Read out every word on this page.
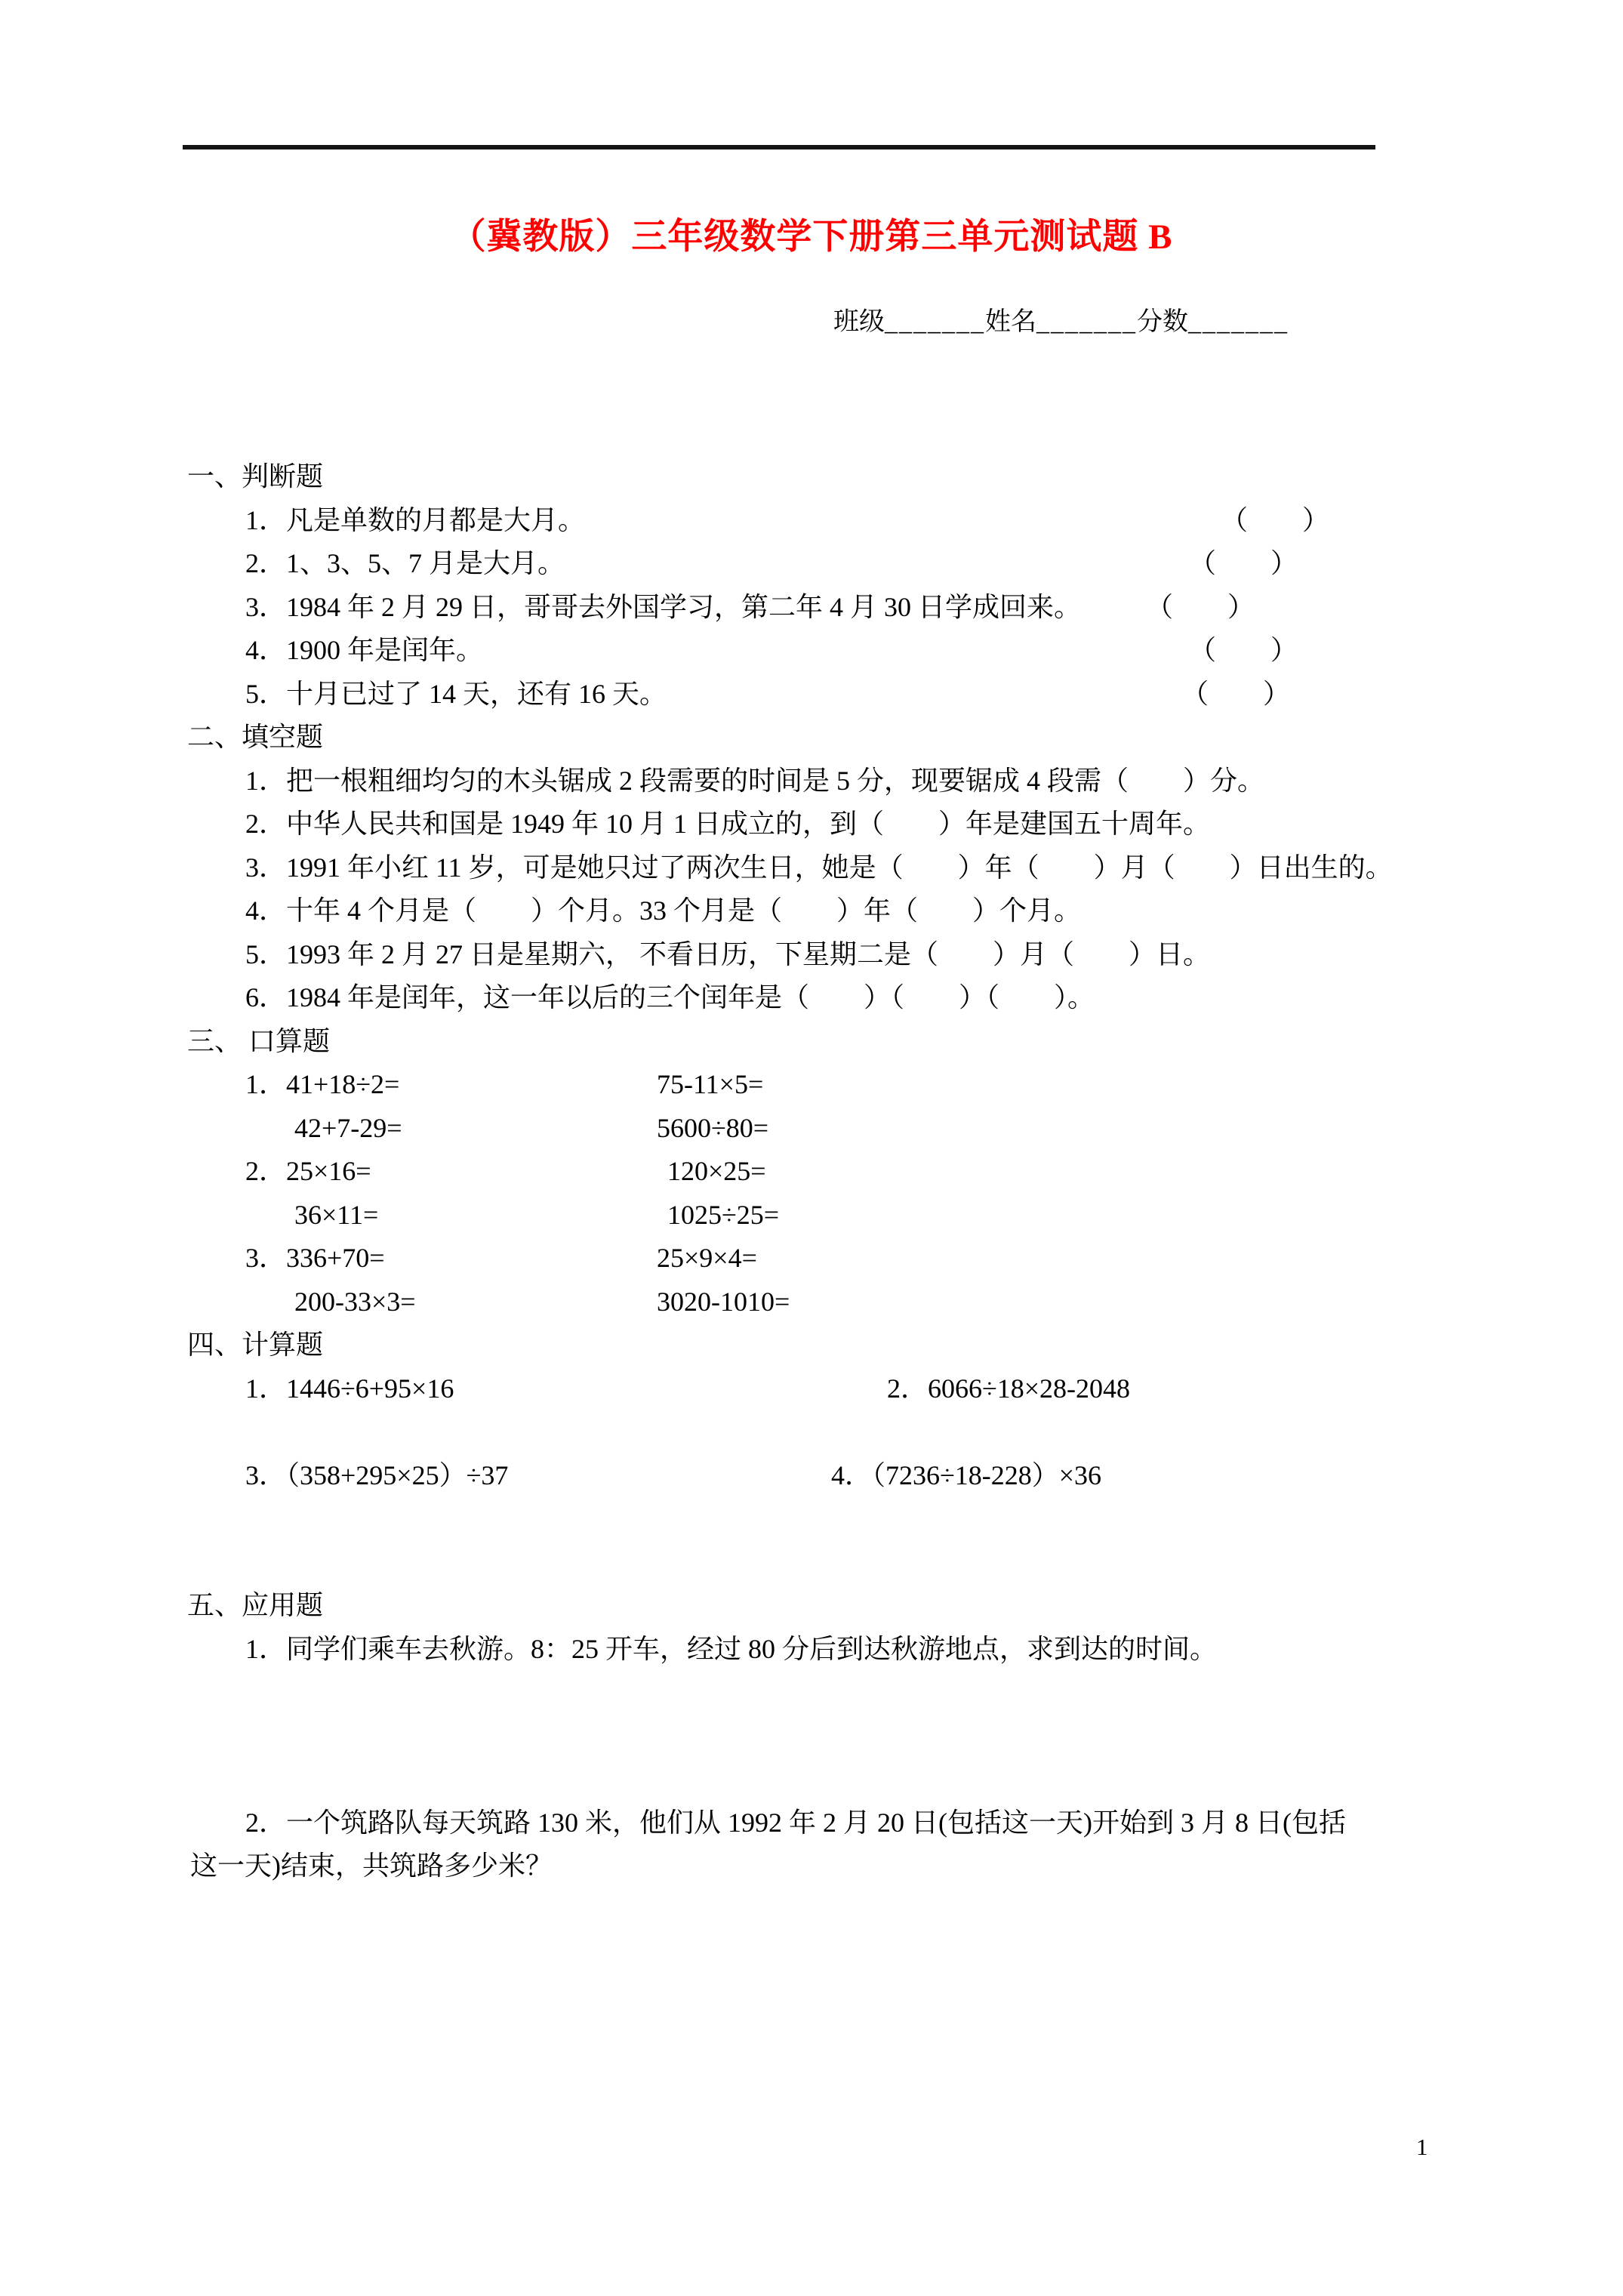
（冀教版）三年级数学下册第三单元测试题 B
班级_______姓名_______分数_______
一、判断题
1．凡是单数的月都是大月。	（　　）
2．1、3、5、7 月是大月。	（　　）
3．1984 年 2 月 29 日，哥哥去外国学习，第二年 4 月 30 日学成回来。 （　　）
4．1900 年是闰年。	（　　）
5．十月已过了 14 天，还有 16 天。	（　　）
二、填空题
1．把一根粗细均匀的木头锯成 2 段需要的时间是 5 分，现要锯成 4 段需（　　）分。
2．中华人民共和国是 1949 年 10 月 1 日成立的，到（　　）年是建国五十周年。
3．1991 年小红 11 岁，可是她只过了两次生日，她是（　　）年（　　）月（　　）日出生的。
4．十年 4 个月是（　　）个月。33 个月是（　　）年（　　）个月。
5．1993 年 2 月 27 日是星期六， 不看日历，下星期二是（　　）月（　　）日。
6．1984 年是闰年，这一年以后的三个闰年是（　　）（　　）（　　）。
三、 口算题
1．41+18÷2=	75-11×5=
42+7-29=	5600÷80=
2．25×16=	120×25=
36×11=	1025÷25=
3．336+70=	25×9×4=
200-33×3=	3020-1010=
四、计算题
1．1446÷6+95×16	2．6066÷18×28-2048
3．（358+295×25）÷37	4．（7236÷18-228）×36
五、应用题
1．同学们乘车去秋游。8：25 开车，经过 80 分后到达秋游地点，求到达的时间。
2．一个筑路队每天筑路 130 米，他们从 1992 年 2 月 20 日(包括这一天)开始到 3 月 8 日(包括
这一天)结束，共筑路多少米？
1
